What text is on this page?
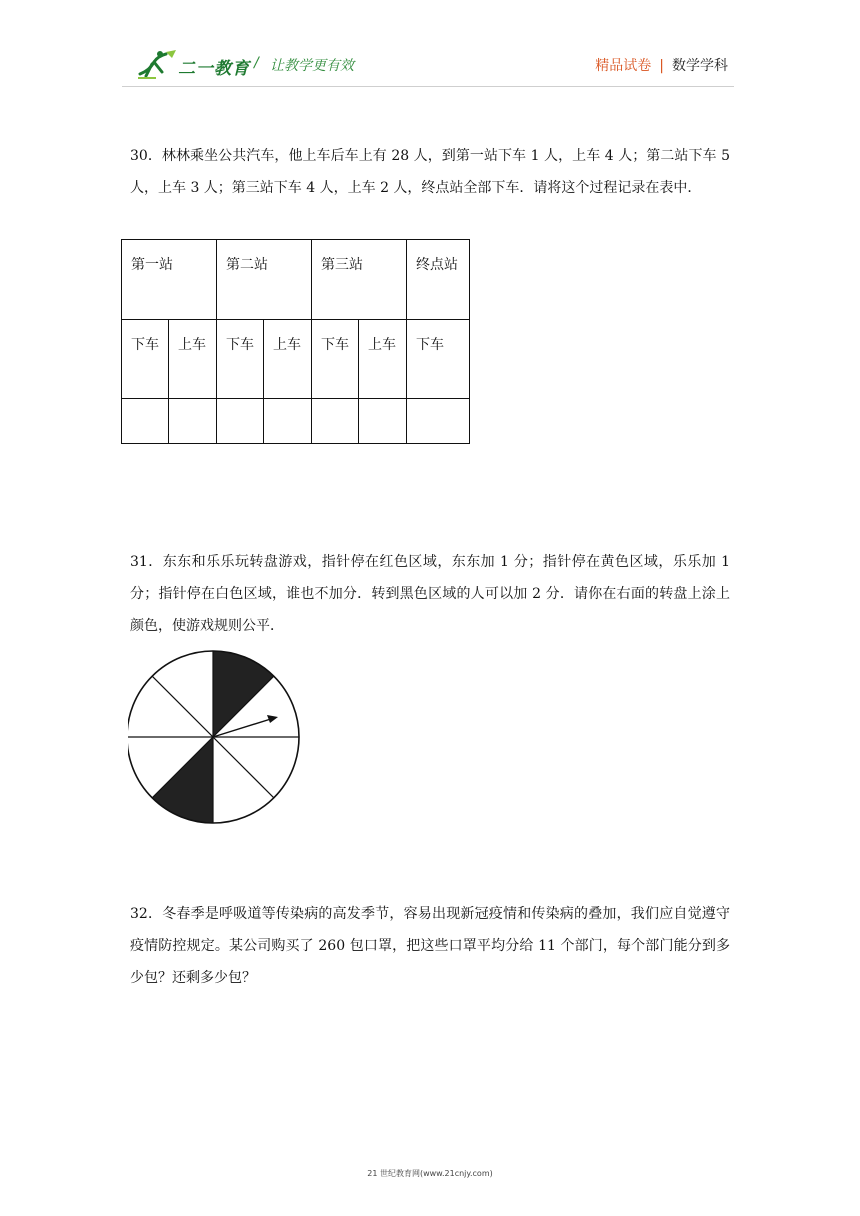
二一教育 / 让教学更有效	精品试卷 | 数学学科
30．林林乘坐公共汽车，他上车后车上有 28 人，到第一站下车 1 人，上车 4 人；第二站下车 5 人，上车 3 人；第三站下车 4 人，上车 2 人，终点站全部下车．请将这个过程记录在表中．
第一站		第二站		第三站		终点站
下车	上车	下车	上车	下车	上车	下车

31．东东和乐乐玩转盘游戏，指针停在红色区域，东东加 1 分；指针停在黄色区域，乐乐加 1 分；指针停在白色区域，谁也不加分．转到黑色区域的人可以加 2 分．请你在右面的转盘上涂上颜色，使游戏规则公平．
32．冬春季是呼吸道等传染病的高发季节，容易出现新冠疫情和传染病的叠加，我们应自觉遵守疫情防控规定。某公司购买了 260 包口罩，把这些口罩平均分给 11 个部门，每个部门能分到多少包？还剩多少包？
21 世纪教育网(www.21cnjy.com)
